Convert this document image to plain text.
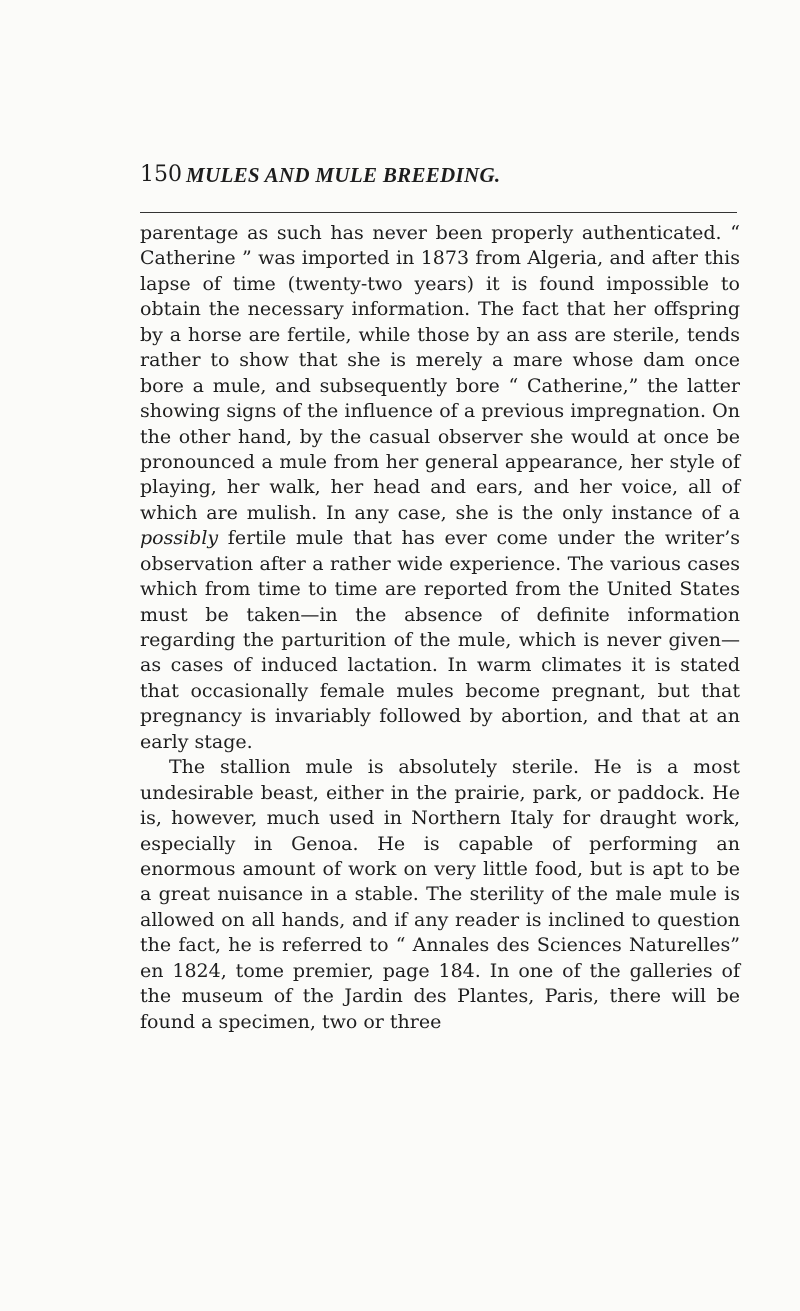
150 MULES AND MULE BREEDING.

parentage as such has never been properly authenticated. “ Catherine ” was imported in 1873 from Algeria, and after this lapse of time (twenty-two years) it is found impossible to obtain the necessary information. The fact that her offspring by a horse are fertile, while those by an ass are sterile, tends rather to show that she is merely a mare whose dam once bore a mule, and subsequently bore “ Catherine,” the latter showing signs of the influence of a previous impregnation. On the other hand, by the casual observer she would at once be pronounced a mule from her general appearance, her style of playing, her walk, her head and ears, and her voice, all of which are mulish. In any case, she is the only instance of a possibly fertile mule that has ever come under the writer’s observation after a rather wide experience. The various cases which from time to time are reported from the United States must be taken—in the absence of definite information regarding the parturition of the mule, which is never given—as cases of induced lactation. In warm climates it is stated that occasionally female mules become pregnant, but that pregnancy is invariably followed by abortion, and that at an early stage.

The stallion mule is absolutely sterile. He is a most undesirable beast, either in the prairie, park, or paddock. He is, however, much used in Northern Italy for draught work, especially in Genoa. He is capable of performing an enormous amount of work on very little food, but is apt to be a great nuisance in a stable. The sterility of the male mule is allowed on all hands, and if any reader is inclined to question the fact, he is referred to “ Annales des Sciences Naturelles” en 1824, tome premier, page 184. In one of the galleries of the museum of the Jardin des Plantes, Paris, there will be found a specimen, two or three
